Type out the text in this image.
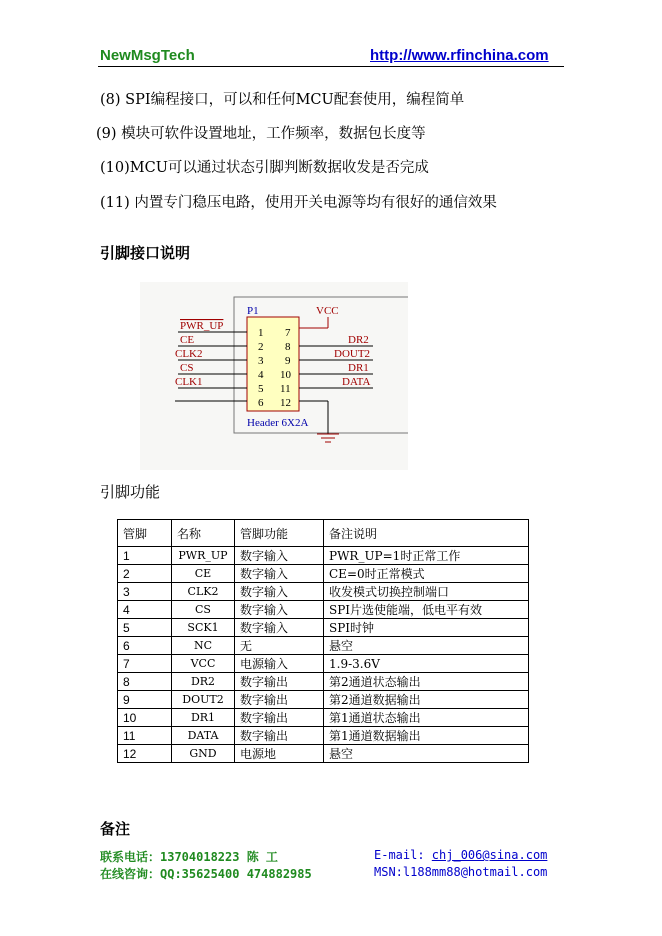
NewMsgTech	http://www.rfinchina.com
(8) SPI编程接口，可以和任何MCU配套使用，编程简单
(9) 模块可软件设置地址，工作频率，数据包长度等
(10)MCU可以通过状态引脚判断数据收发是否完成
(11) 内置专门稳压电路，使用开关电源等均有很好的通信效果
引脚接口说明
P1	VCC
1
2
3
4
5
6
7
8
9
10
11
12
PWR_UP
CE
CLK2
CS
CLK1
DR2
DOUT2
DR1
DATA
Header 6X2A
引脚功能
管脚	名称	管脚功能	备注说明
1	PWR_UP	数字输入	PWR_UP=1时正常工作
2	CE	数字输入	CE=0时正常模式
3	CLK2	数字输入	收发模式切换控制端口
4	CS	数字输入	SPI片选使能端，低电平有效
5	SCK1	数字输入	SPI时钟
6	NC	无	悬空
7	VCC	电源输入	1.9-3.6V
8	DR2	数字输出	第2通道状态输出
9	DOUT2	数字输出	第2通道数据输出
10	DR1	数字输出	第1通道状态输出
11	DATA	数字输出	第1通道数据输出
12	GND	电源地	悬空
备注
联系电话：13704018223 陈 工
在线咨询：QQ:35625400 474882985
E-mail: chj_006@sina.com
MSN:l188mm88@hotmail.com
